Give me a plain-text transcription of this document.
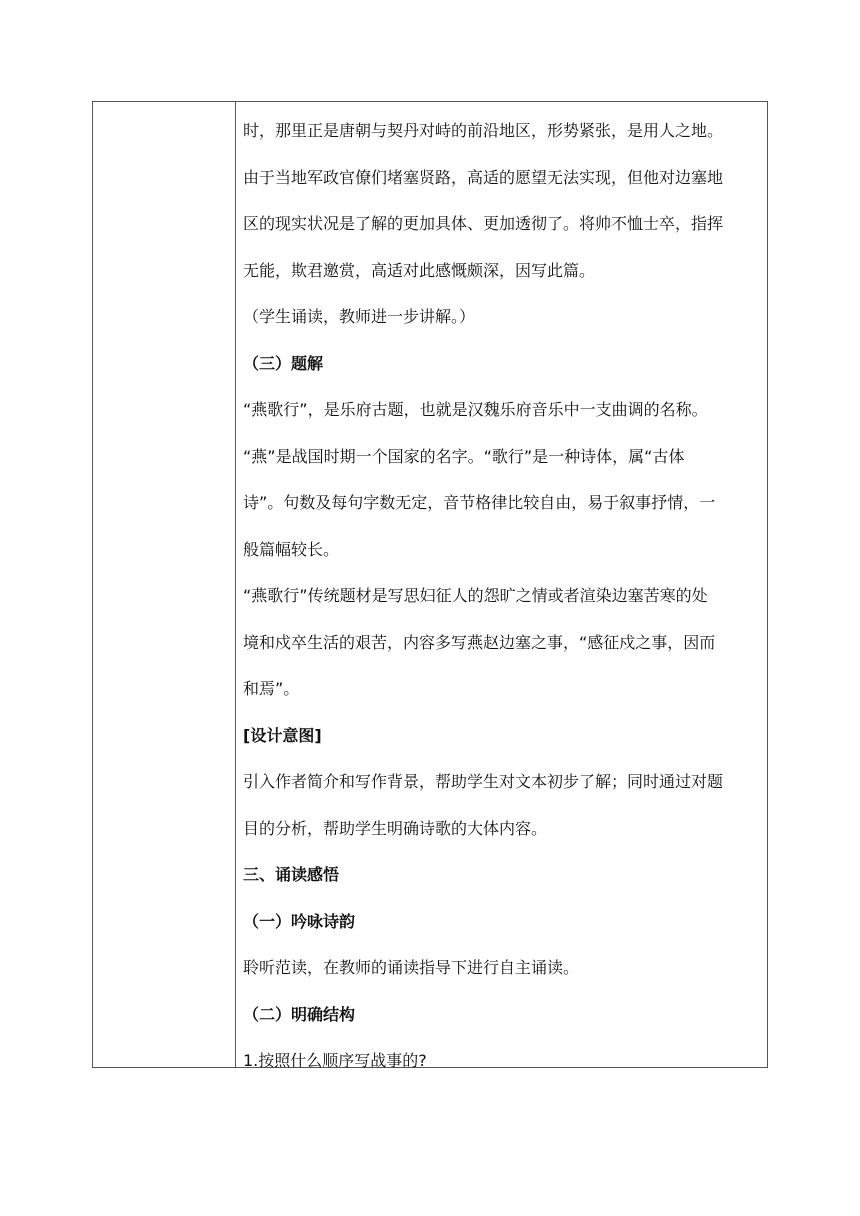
时，那里正是唐朝与契丹对峙的前沿地区，形势紧张，是用人之地。

由于当地军政官僚们堵塞贤路，高适的愿望无法实现，但他对边塞地

区的现实状况是了解的更加具体、更加透彻了。将帅不恤士卒，指挥

无能，欺君邀赏，高适对此感慨颇深，因写此篇。

（学生诵读，教师进一步讲解。）

（三）题解

“燕歌行”，是乐府古题，也就是汉魏乐府音乐中一支曲调的名称。

“燕”是战国时期一个国家的名字。“歌行”是一种诗体，属“古体

诗”。句数及每句字数无定，音节格律比较自由，易于叙事抒情，一

般篇幅较长。

“燕歌行”传统题材是写思妇征人的怨旷之情或者渲染边塞苦寒的处

境和戍卒生活的艰苦，内容多写燕赵边塞之事，“感征戍之事，因而

和焉”。

[设计意图]

引入作者简介和写作背景，帮助学生对文本初步了解；同时通过对题

目的分析，帮助学生明确诗歌的大体内容。

三、诵读感悟

（一）吟咏诗韵

聆听范读，在教师的诵读指导下进行自主诵读。

（二）明确结构

1.按照什么顺序写战事的?
